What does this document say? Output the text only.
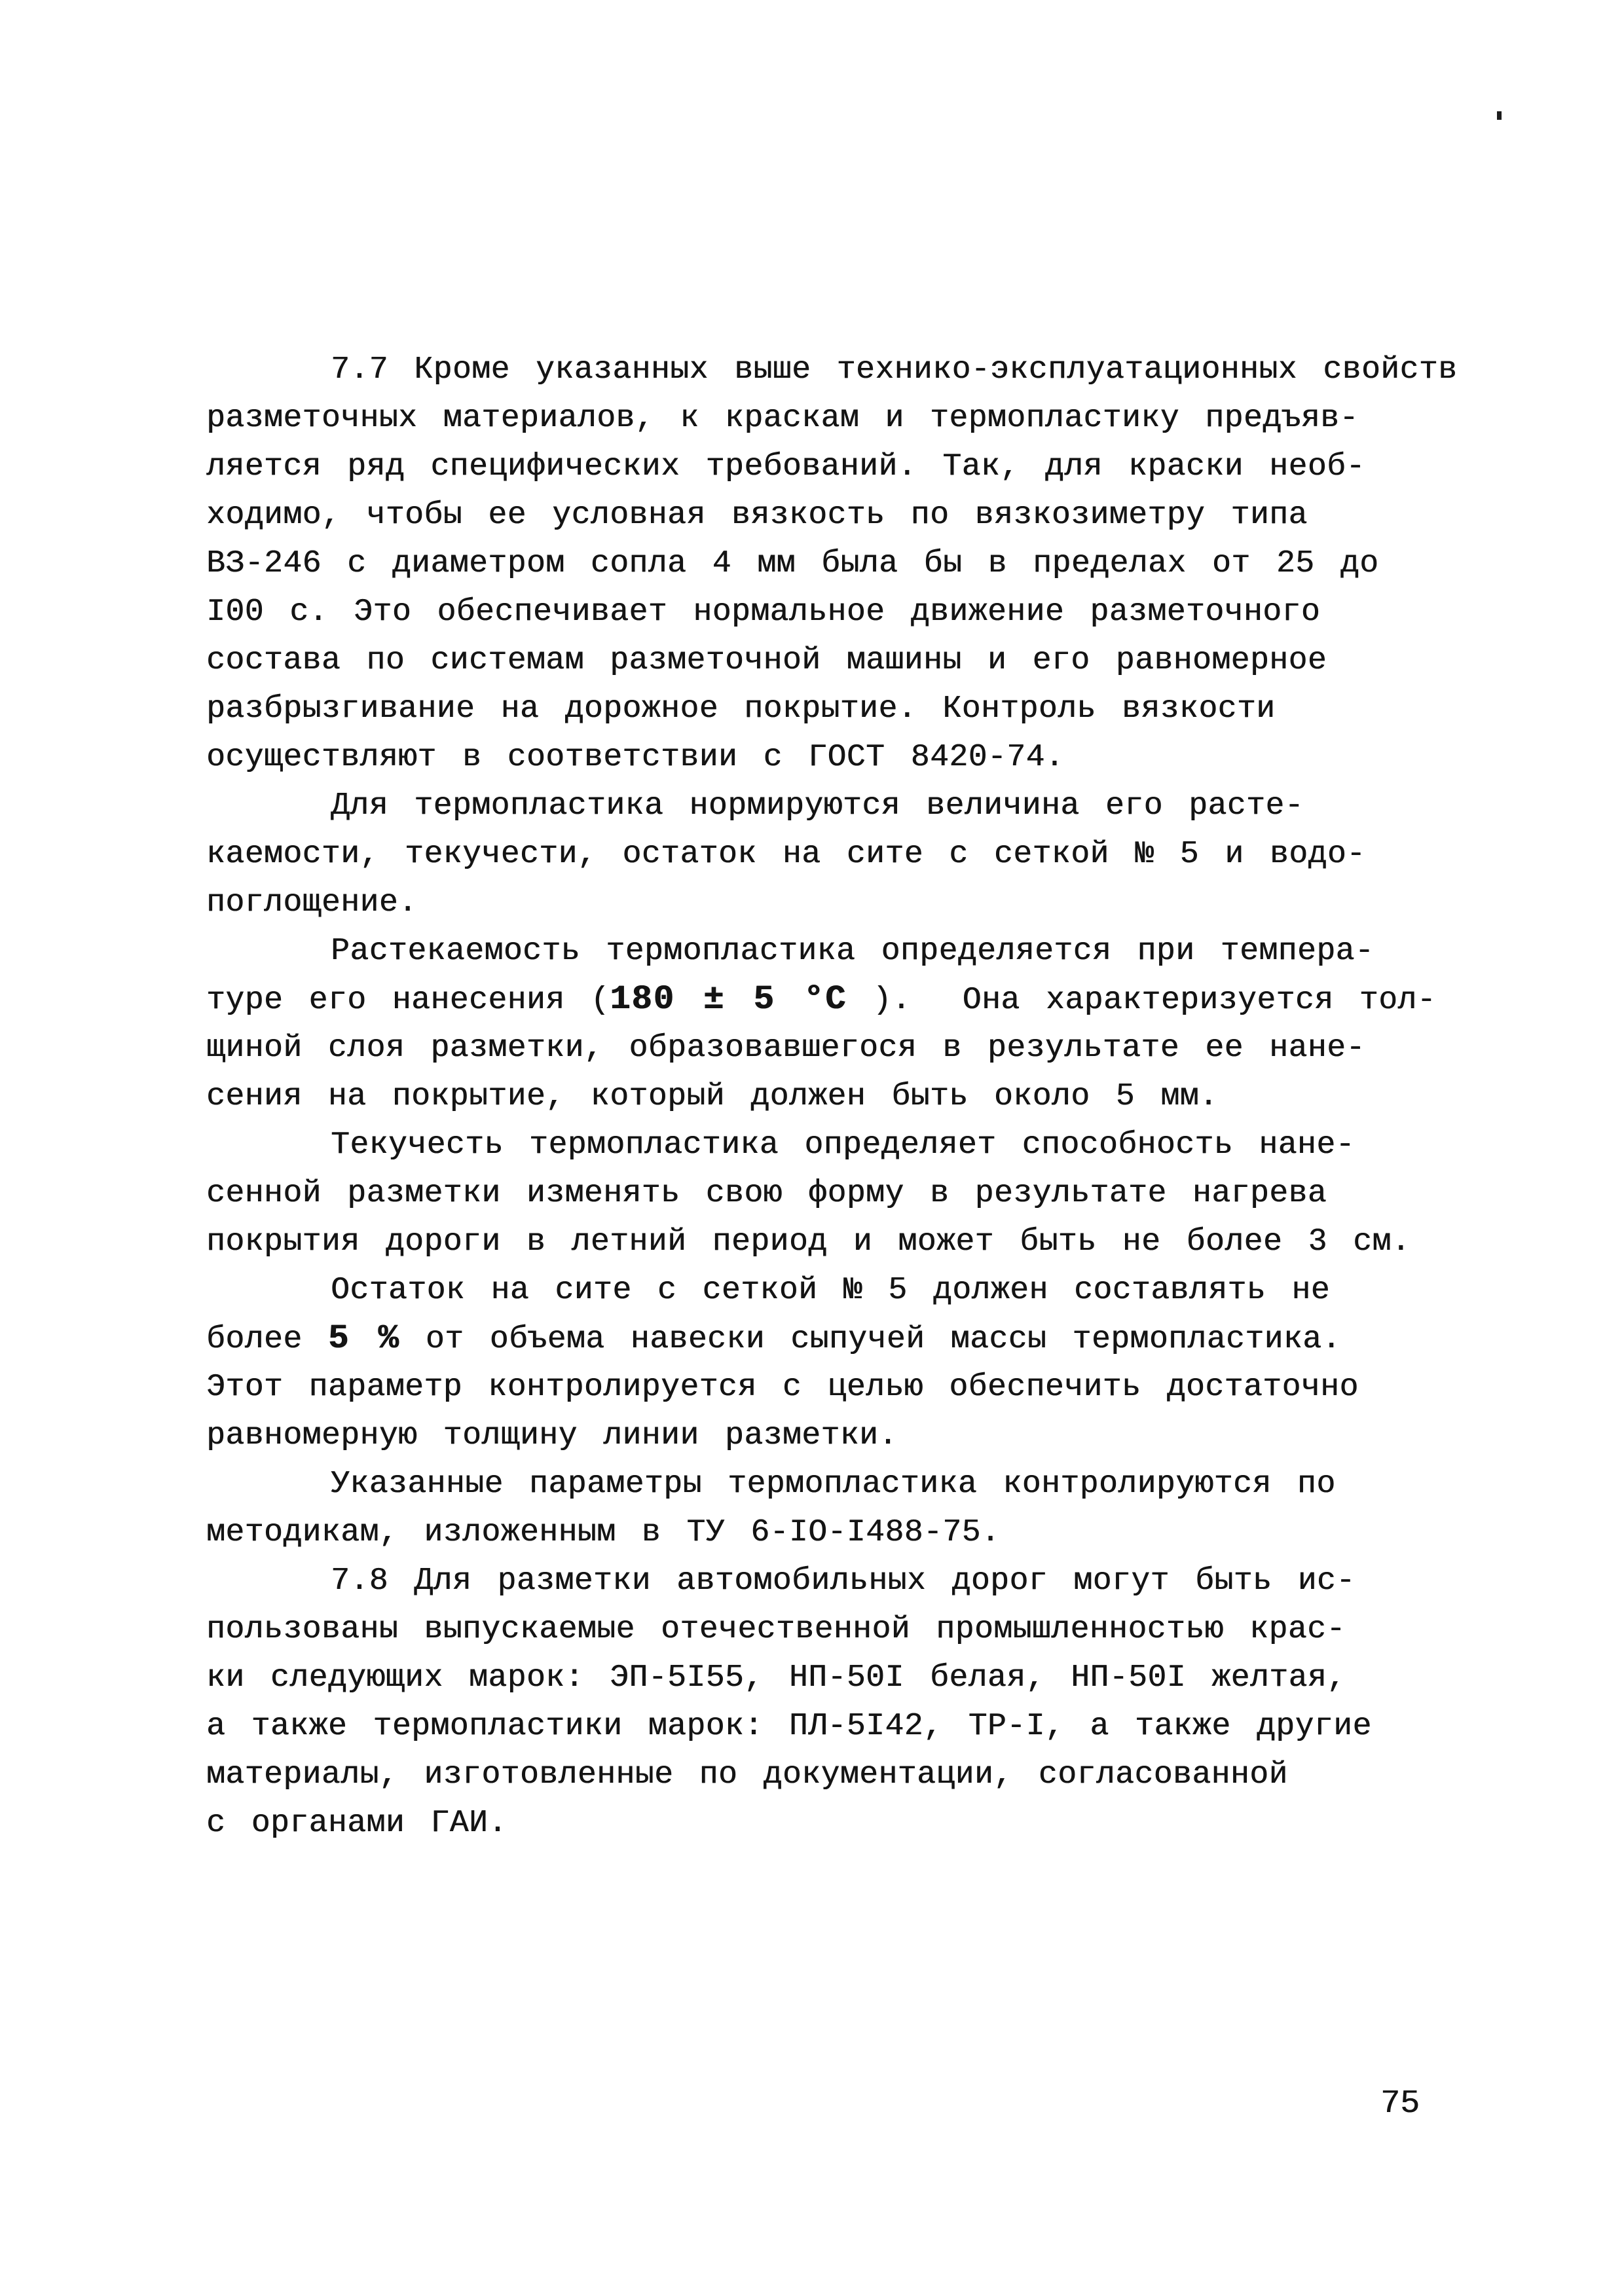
7.7 Кроме указанных выше технико-эксплуатационных свойств
разметочных материалов, к краскам и термопластику предъяв-
ляется ряд специфических требований. Так, для краски необ-
ходимо, чтобы ее условная вязкость по вязкозиметру типа
ВЗ-246 с диаметром сопла 4 мм была бы в пределах от 25 до
I00 с. Это обеспечивает нормальное движение разметочного
состава по системам разметочной машины и его равномерное
разбрызгивание на дорожное покрытие. Контроль вязкости
осуществляют в соответствии с ГОСТ 8420-74.
Для термопластика нормируются величина его расте-
каемости, текучести, остаток на сите с сеткой № 5 и водо-
поглощение.
Растекаемость термопластика определяется при темпера-
туре его нанесения (180 ± 5 °С ).  Она характеризуется тол-
щиной слоя разметки, образовавшегося в результате ее нане-
сения на покрытие, который должен быть около 5 мм.
Текучесть термопластика определяет способность нане-
сенной разметки изменять свою форму в результате нагрева
покрытия дороги в летний период и может быть не более 3 см.
Остаток на сите с сеткой № 5 должен составлять не
более 5 % от объема навески сыпучей массы термопластика.
Этот параметр контролируется с целью обеспечить достаточно
равномерную толщину линии разметки.
Указанные параметры термопластика контролируются по
методикам, изложенным в ТУ 6-IO-I488-75.
7.8 Для разметки автомобильных дорог могут быть ис-
пользованы выпускаемые отечественной промышленностью крас-
ки следующих марок: ЭП-5I55, НП-50I белая, НП-50I желтая,
а также термопластики марок: ПЛ-5I42, ТР-I, а также другие
материалы, изготовленные по документации, согласованной
с органами ГАИ.
75
